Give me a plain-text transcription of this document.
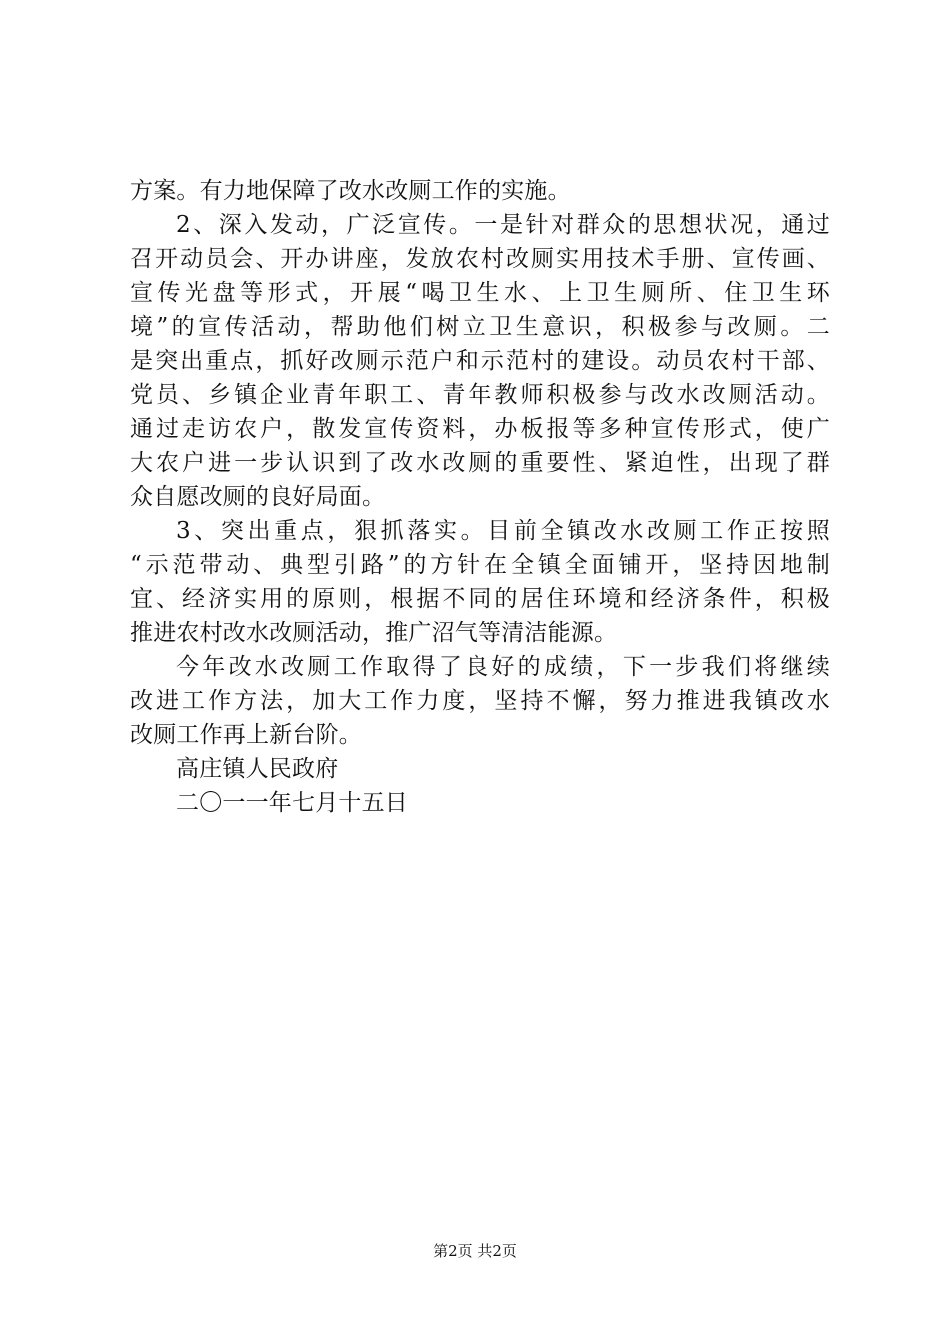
方案。有力地保障了改水改厕工作的实施。
2、深入发动，广泛宣传。一是针对群众的思想状况，通过
召开动员会、开办讲座，发放农村改厕实用技术手册、宣传画、
宣传光盘等形式，开展“喝卫生水、上卫生厕所、住卫生环
境”的宣传活动，帮助他们树立卫生意识，积极参与改厕。二
是突出重点，抓好改厕示范户和示范村的建设。动员农村干部、
党员、乡镇企业青年职工、青年教师积极参与改水改厕活动。
通过走访农户，散发宣传资料，办板报等多种宣传形式，使广
大农户进一步认识到了改水改厕的重要性、紧迫性，出现了群
众自愿改厕的良好局面。
3、突出重点，狠抓落实。目前全镇改水改厕工作正按照
“示范带动、典型引路”的方针在全镇全面铺开，坚持因地制
宜、经济实用的原则，根据不同的居住环境和经济条件，积极
推进农村改水改厕活动，推广沼气等清洁能源。
今年改水改厕工作取得了良好的成绩，下一步我们将继续
改进工作方法，加大工作力度，坚持不懈，努力推进我镇改水
改厕工作再上新台阶。
高庄镇人民政府
二〇一一年七月十五日
第2页 共2页
